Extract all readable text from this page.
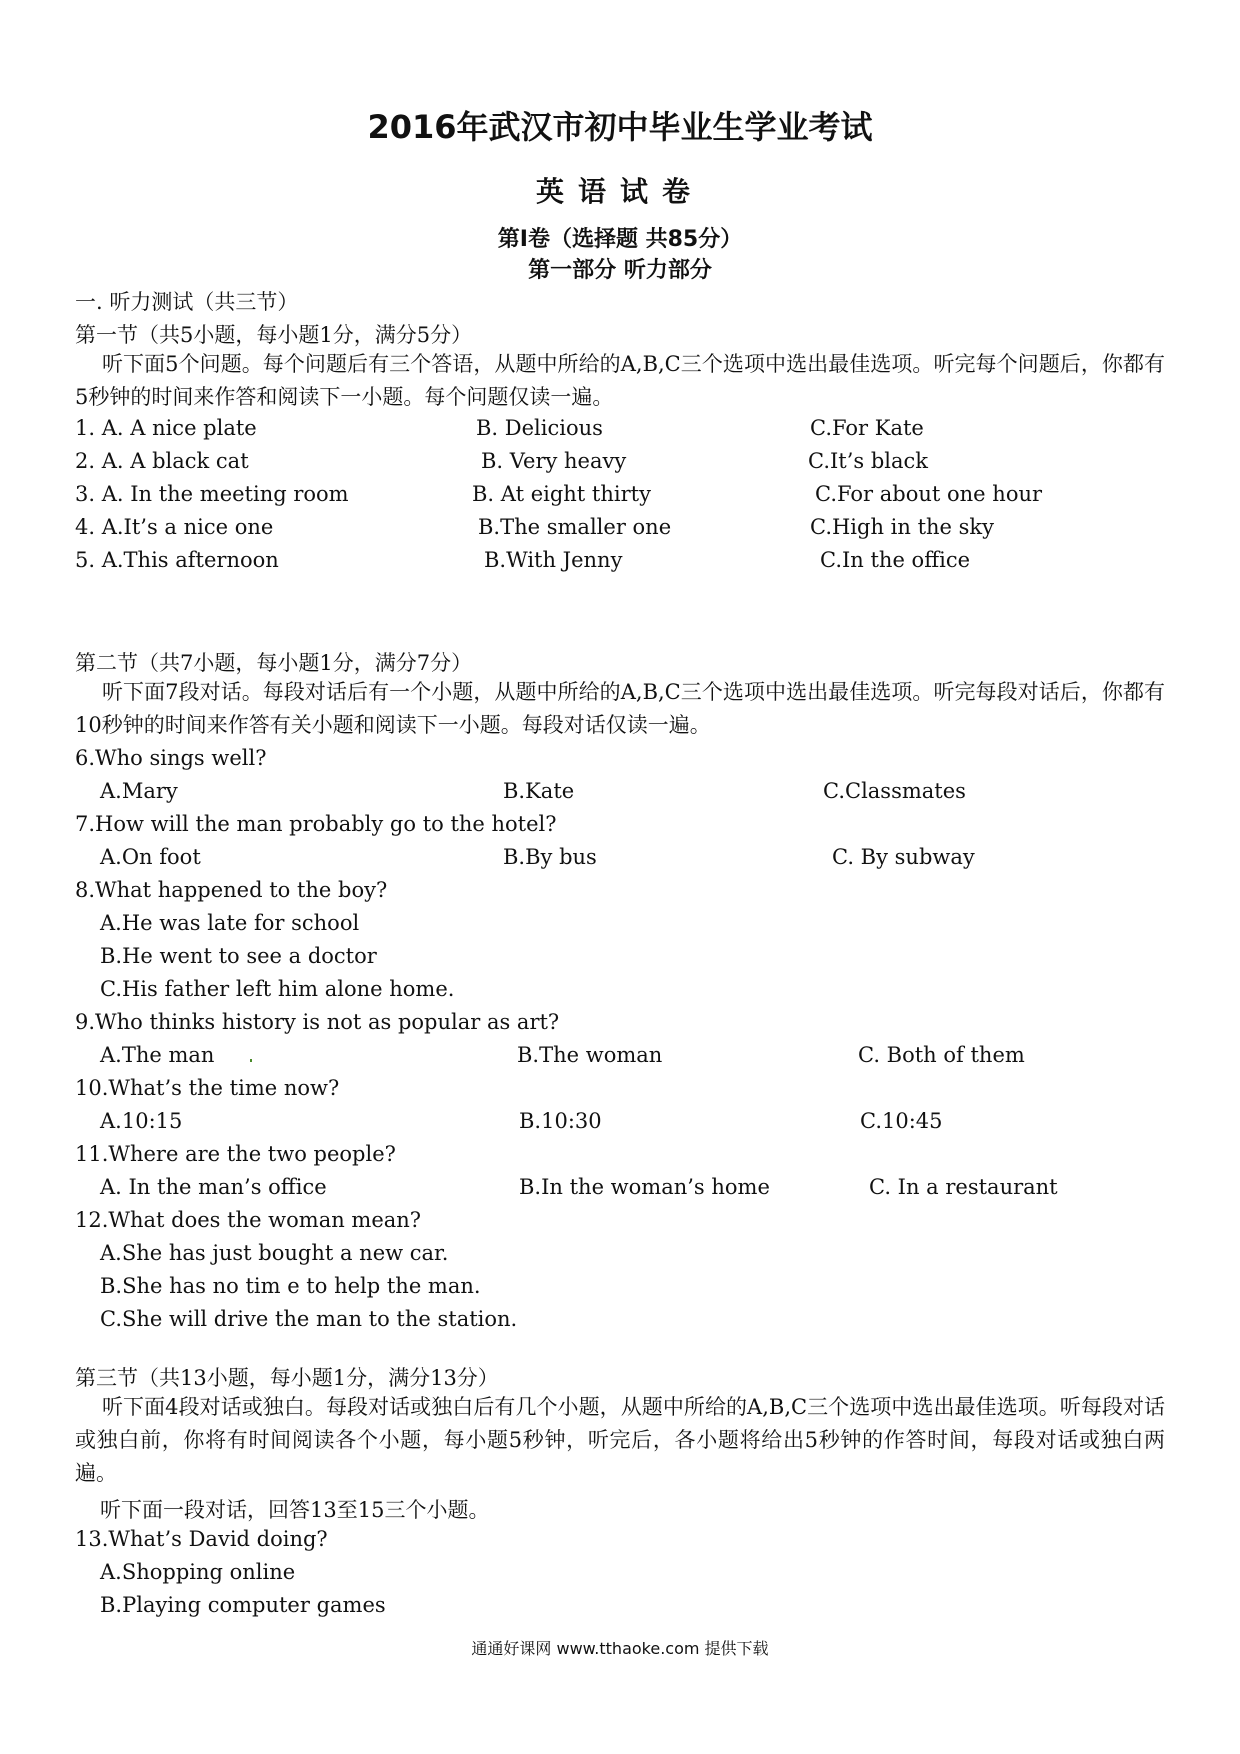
2016年武汉市初中毕业生学业考试
英语试卷
第Ⅰ卷（选择题 共85分）
第一部分 听力部分
一. 听力测试（共三节）
第一节（共5小题，每小题1分，满分5分）
听下面5个问题。每个问题后有三个答语，从题中所给的A,B,C三个选项中选出最佳选项。听完每个问题后，你都有5秒钟的时间来作答和阅读下一小题。每个问题仅读一遍。
1. A. A nice plate	B. Delicious	C.For Kate
2. A. A black cat	B. Very heavy	C.It’s black
3. A. In the meeting room	B. At eight thirty	C.For about one hour
4. A.It’s a nice one	B.The smaller one	C.High in the sky
5. A.This afternoon	B.With Jenny	C.In the office
第二节（共7小题，每小题1分，满分7分）
听下面7段对话。每段对话后有一个小题，从题中所给的A,B,C三个选项中选出最佳选项。听完每段对话后，你都有10秒钟的时间来作答有关小题和阅读下一小题。每段对话仅读一遍。
6.Who sings well?
A.Mary	B.Kate	C.Classmates
7.How will the man probably go to the hotel?
A.On foot	B.By bus	C. By subway
8.What happened to the boy?
A.He was late for school
B.He went to see a doctor
C.His father left him alone home.
9.Who thinks history is not as popular as art?
A.The man	B.The woman	C. Both of them
10.What’s the time now?
A.10:15	B.10:30	C.10:45
11.Where are the two people?
A. In the man’s office	B.In the woman’s home	C. In a restaurant
12.What does the woman mean?
A.She has just bought a new car.
B.She has no tim e to help the man.
C.She will drive the man to the station.
第三节（共13小题，每小题1分，满分13分）
听下面4段对话或独白。每段对话或独白后有几个小题，从题中所给的A,B,C三个选项中选出最佳选项。听每段对话或独白前，你将有时间阅读各个小题，每小题5秒钟，听完后，各小题将给出5秒钟的作答时间，每段对话或独白两遍。
听下面一段对话，回答13至15三个小题。
13.What’s David doing?
A.Shopping online
B.Playing computer games
通通好课网 www.tthaoke.com 提供下载
